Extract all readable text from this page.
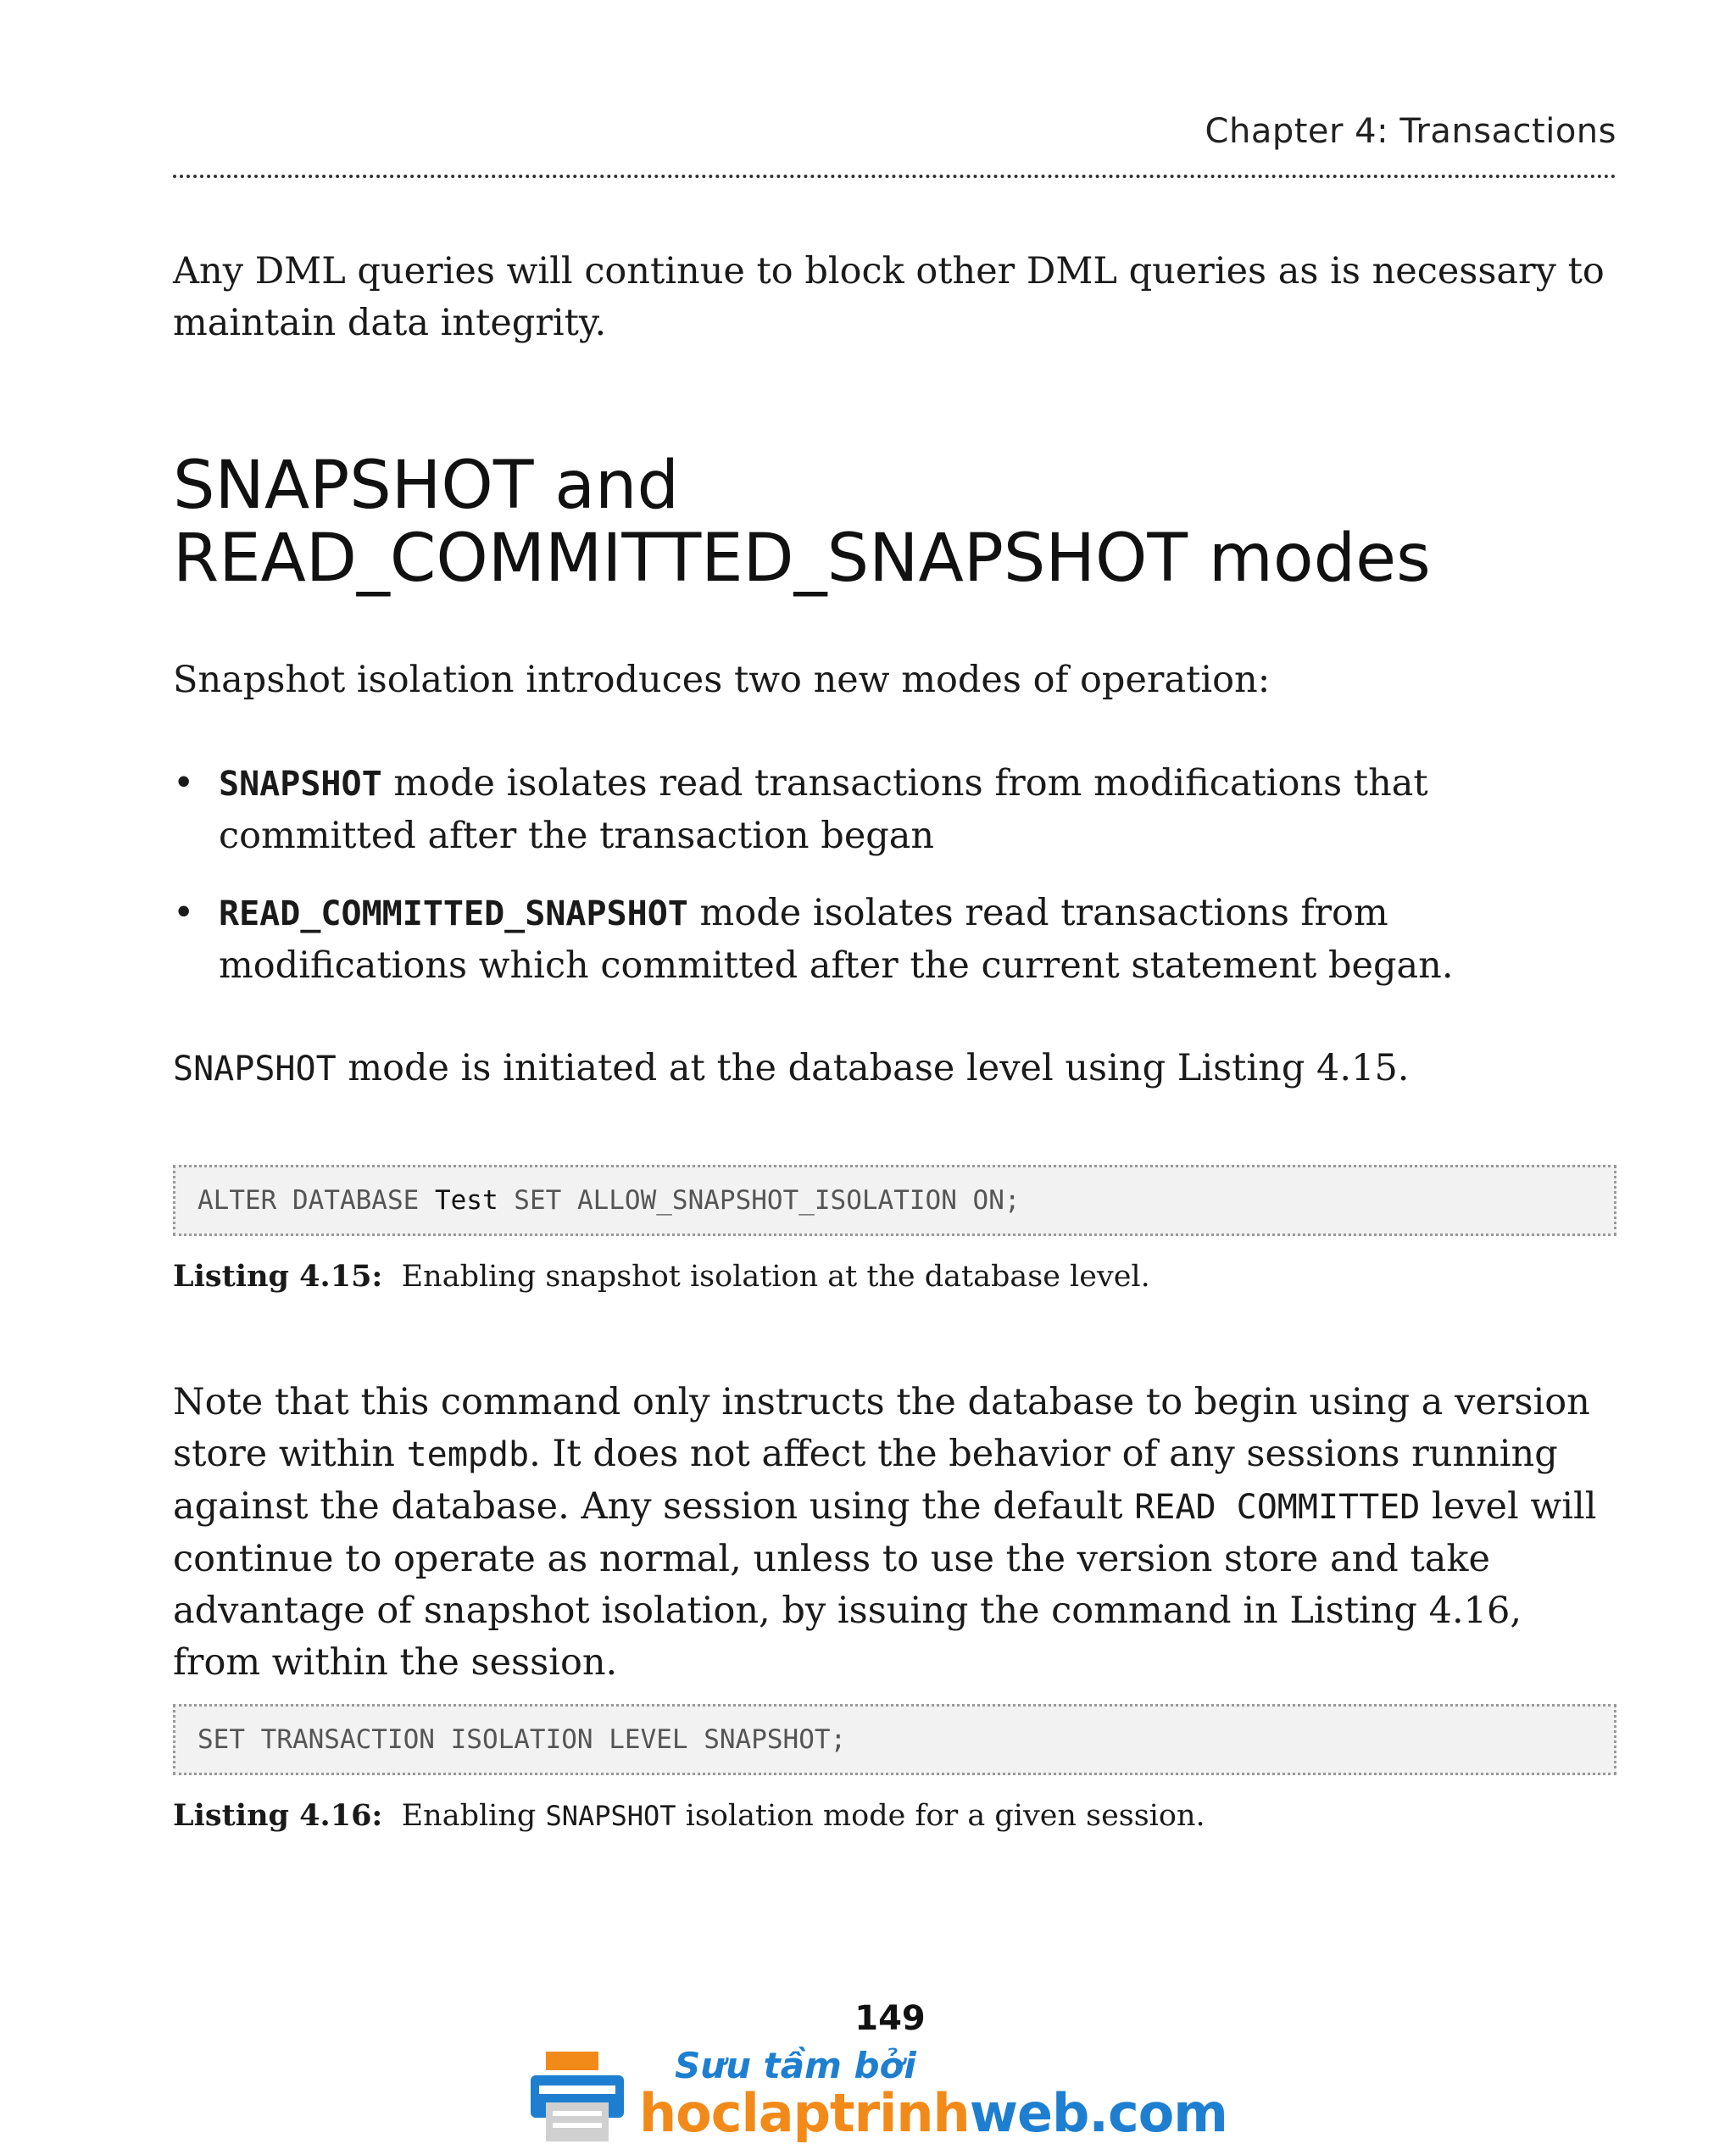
Chapter 4: Transactions

Any DML queries will continue to block other DML queries as is necessary to maintain data integrity.

SNAPSHOT and READ_COMMITTED_SNAPSHOT modes

Snapshot isolation introduces two new modes of operation:

• SNAPSHOT mode isolates read transactions from modifications that committed after the transaction began
• READ_COMMITTED_SNAPSHOT mode isolates read transactions from modifications which committed after the current statement began.

SNAPSHOT mode is initiated at the database level using Listing 4.15.

ALTER DATABASE Test SET ALLOW_SNAPSHOT_ISOLATION ON;
Listing 4.15: Enabling snapshot isolation at the database level.

Note that this command only instructs the database to begin using a version store within tempdb. It does not affect the behavior of any sessions running against the database. Any session using the default READ COMMITTED level will continue to operate as normal, unless to use the version store and take advantage of snapshot isolation, by issuing the command in Listing 4.16, from within the session.

SET TRANSACTION ISOLATION LEVEL SNAPSHOT;
Listing 4.16: Enabling SNAPSHOT isolation mode for a given session.
149
Sưu tầm bởi
hoclaptrinhweb.com
